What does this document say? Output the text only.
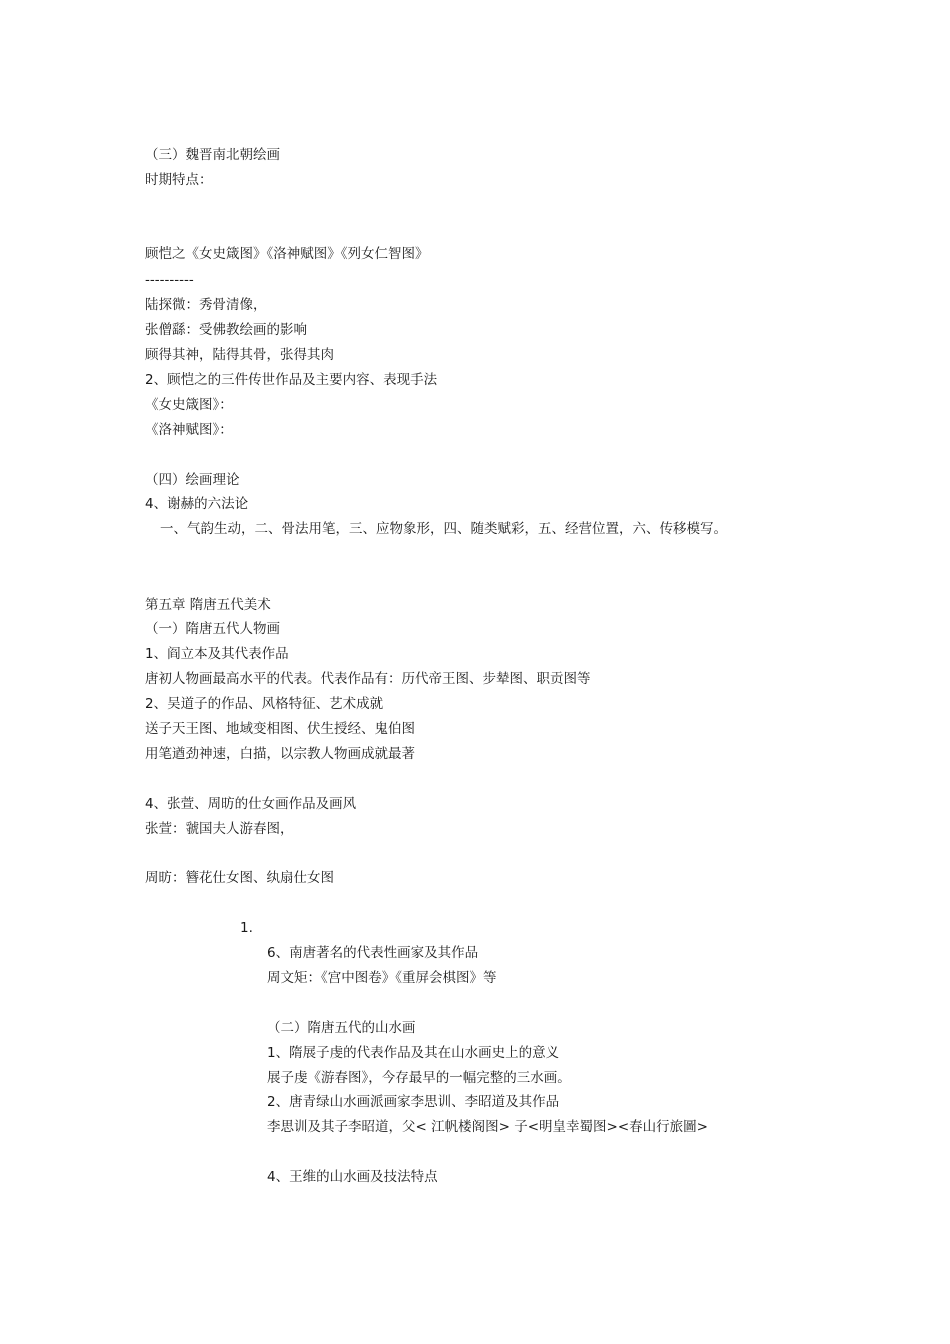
（三）魏晋南北朝绘画
时期特点：
顾恺之《女史箴图》《洛神赋图》《列女仁智图》
----------
陆探微：秀骨清像，
张僧繇：受佛教绘画的影响
顾得其神，陆得其骨，张得其肉
2、顾恺之的三件传世作品及主要内容、表现手法
《女史箴图》：
《洛神赋图》：
（四）绘画理论
4、谢赫的六法论
一、气韵生动，二、骨法用笔，三、应物象形，四、随类赋彩，五、经营位置，六、传移模写。
第五章 隋唐五代美术
（一）隋唐五代人物画
1、阎立本及其代表作品
唐初人物画最高水平的代表。代表作品有：历代帝王图、步辇图、职贡图等
2、吴道子的作品、风格特征、艺术成就
送子天王图、地域变相图、伏生授经、鬼伯图
用笔遒劲神速，白描，以宗教人物画成就最著
4、张萱、周昉的仕女画作品及画风
张萱：虢国夫人游春图，
周昉：簪花仕女图、纨扇仕女图
1.
6、南唐著名的代表性画家及其作品
周文矩：《宫中图卷》《重屏会棋图》等
（二）隋唐五代的山水画
1、隋展子虔的代表作品及其在山水画史上的意义
展子虔《游春图》，今存最早的一幅完整的三水画。
2、唐青绿山水画派画家李思训、李昭道及其作品
李思训及其子李昭道，父< 江帆楼阁图> 子<明皇幸蜀图><春山行旅圖>
4、王维的山水画及技法特点
